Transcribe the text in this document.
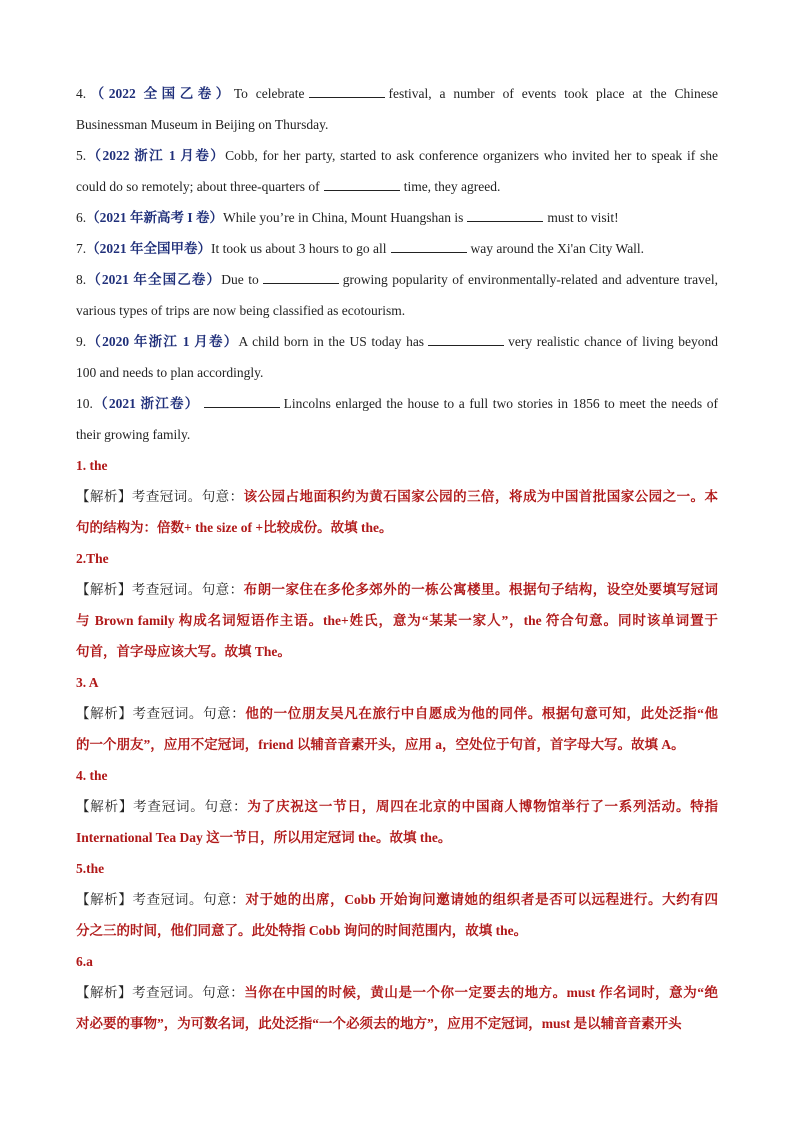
4.（2022 全国乙卷）To celebrate	festival, a number of events took place at the Chinese
Businessman Museum in Beijing on Thursday.
5.（2022 浙江 1 月卷）Cobb, for her party, started to ask conference organizers who invited her to speak if she
could do so remotely; about three-quarters of	time, they agreed.
6.（2021 年新高考 I 卷）While you’re in China, Mount Huangshan is	must to visit!
7.（2021 年全国甲卷）It took us about 3 hours to go all	way around the Xi'an City Wall.
8.（2021 年全国乙卷）Due to	growing popularity of environmentally-related and adventure travel,
various types of trips are now being classified as ecotourism.
9.（2020 年浙江 1 月卷）A child born in the US today has	very realistic chance of living beyond
100 and needs to plan accordingly.
10.（2021 浙江卷）	Lincolns enlarged the house to a full two stories in 1856 to meet the needs of
their growing family.
1. the
【解析】考查冠词。句意：该公园占地面积约为黄石国家公园的三倍，将成为中国首批国家公园之一。本
句的结构为：倍数+ the size of +比较成份。故填 the。
2.The
【解析】考查冠词。句意：布朗一家住在多伦多郊外的一栋公寓楼里。根据句子结构，设空处要填写冠词
与 Brown family 构成名词短语作主语。the+姓氏，意为“某某一家人”，the 符合句意。同时该单词置于
句首，首字母应该大写。故填 The。
3. A
【解析】考查冠词。句意：他的一位朋友吴凡在旅行中自愿成为他的同伴。根据句意可知，此处泛指“他
的一个朋友”，应用不定冠词，friend 以辅音音素开头，应用 a，空处位于句首，首字母大写。故填 A。
4. the
【解析】考查冠词。句意：为了庆祝这一节日，周四在北京的中国商人博物馆举行了一系列活动。特指
International Tea Day 这一节日，所以用定冠词 the。故填 the。
5.the
【解析】考查冠词。句意：对于她的出席，Cobb 开始询问邀请她的组织者是否可以远程进行。大约有四
分之三的时间，他们同意了。此处特指 Cobb 询问的时间范围内，故填 the。
6.a
【解析】考查冠词。句意：当你在中国的时候，黄山是一个你一定要去的地方。must 作名词时，意为“绝
对必要的事物”，为可数名词，此处泛指“一个必须去的地方”，应用不定冠词，must 是以辅音音素开头
